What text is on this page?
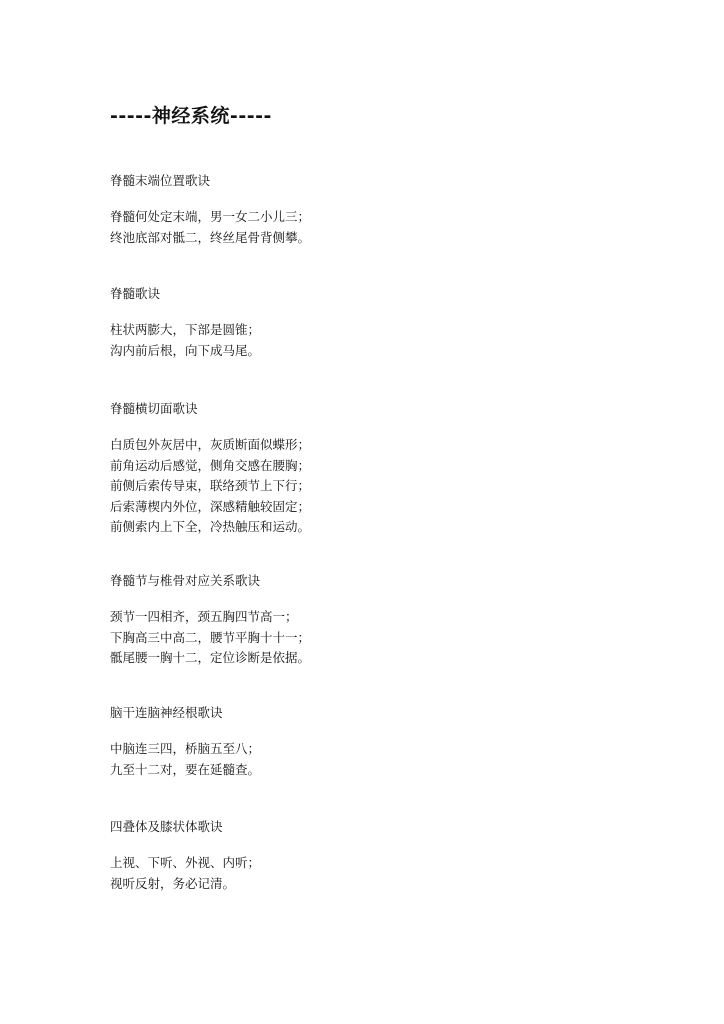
-----神经系统-----

脊髓末端位置歌诀

脊髓何处定末端，男一女二小儿三；
终池底部对骶二，终丝尾骨背侧攀。

脊髓歌诀

柱状两膨大，下部是圆锥；
沟内前后根，向下成马尾。

脊髓横切面歌诀

白质包外灰居中，灰质断面似蝶形；
前角运动后感觉，侧角交感在腰胸；
前侧后索传导束，联络颈节上下行；
后索薄楔内外位，深感精触较固定；
前侧索内上下全，冷热触压和运动。

脊髓节与椎骨对应关系歌诀

颈节一四相齐，颈五胸四节高一；
下胸高三中高二，腰节平胸十十一；
骶尾腰一胸十二，定位诊断是依据。

脑干连脑神经根歌诀

中脑连三四，桥脑五至八；
九至十二对，要在延髓查。

四叠体及膝状体歌诀

上视、下听、外视、内听；
视听反射，务必记清。
